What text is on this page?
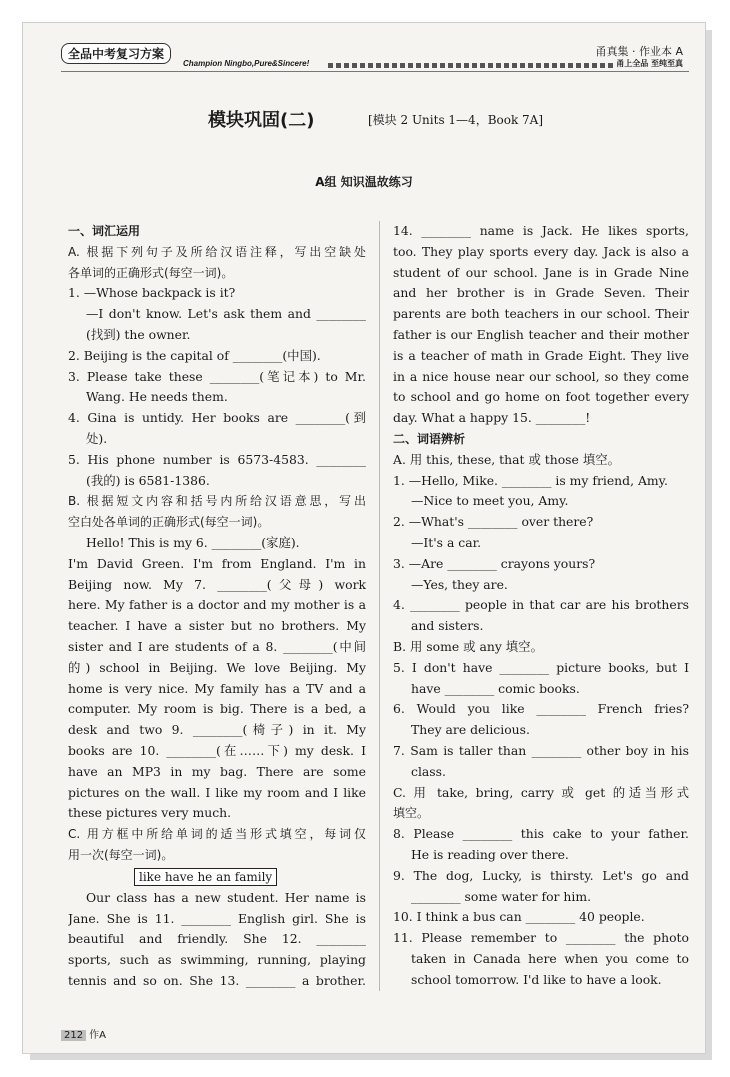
全品中考复习方案
Champion Ningbo,Pure&Sincere!
甬真集 · 作业本 A
甬上全品 至纯至真
模块巩固(二)	[模块 2 Units 1—4，Book 7A]
A组 知识温故练习
一、词汇运用
A. 根据下列句子及所给汉语注释，写出空缺处
各单词的正确形式(每空一词)。
1. —Whose backpack is it?
—I don't know. Let's ask them and ________
(找到) the owner.
2. Beijing is the capital of ________(中国).
3. Please take these ________(笔记本) to Mr.
Wang. He needs them.
4. Gina is untidy. Her books are ________(到
处).
5. His phone number is 6573-4583. ________
(我的) is 6581-1386.
B. 根据短文内容和括号内所给汉语意思，写出
空白处各单词的正确形式(每空一词)。
Hello! This is my 6. ________(家庭).
I'm David Green. I'm from England. I'm in
Beijing now. My 7. ________(父母) work
here. My father is a doctor and my mother is a
teacher. I have a sister but no brothers. My
sister and I are students of a 8. ________(中间
的) school in Beijing. We love Beijing. My
home is very nice. My family has a TV and a
computer. My room is big. There is a bed, a
desk and two 9. ________(椅子) in it. My
books are 10. ________(在……下) my desk. I
have an MP3 in my bag. There are some
pictures on the wall. I like my room and I like
these pictures very much.
C. 用方框中所给单词的适当形式填空，每词仅
用一次(每空一词)。
like have he an family
Our class has a new student. Her name is
Jane. She is 11. ________ English girl. She is
beautiful and friendly. She 12. ________
sports, such as swimming, running, playing
tennis and so on. She 13. ________ a brother.
14. ________ name is Jack. He likes sports,
too. They play sports every day. Jack is also a
student of our school. Jane is in Grade Nine
and her brother is in Grade Seven. Their
parents are both teachers in our school. Their
father is our English teacher and their mother
is a teacher of math in Grade Eight. They live
in a nice house near our school, so they come
to school and go home on foot together every
day. What a happy 15. ________!
二、词语辨析
A. 用 this, these, that 或 those 填空。
1. —Hello, Mike. ________ is my friend, Amy.
—Nice to meet you, Amy.
2. —What's ________ over there?
—It's a car.
3. —Are ________ crayons yours?
—Yes, they are.
4. ________ people in that car are his brothers
and sisters.
B. 用 some 或 any 填空。
5. I don't have ________ picture books, but I
have ________ comic books.
6. Would you like ________ French fries?
They are delicious.
7. Sam is taller than ________ other boy in his
class.
C. 用 take, bring, carry 或 get 的适当形式
填空。
8. Please ________ this cake to your father.
He is reading over there.
9. The dog, Lucky, is thirsty. Let's go and
________ some water for him.
10. I think a bus can ________ 40 people.
11. Please remember to ________ the photo
taken in Canada here when you come to
school tomorrow. I'd like to have a look.
212 作A
